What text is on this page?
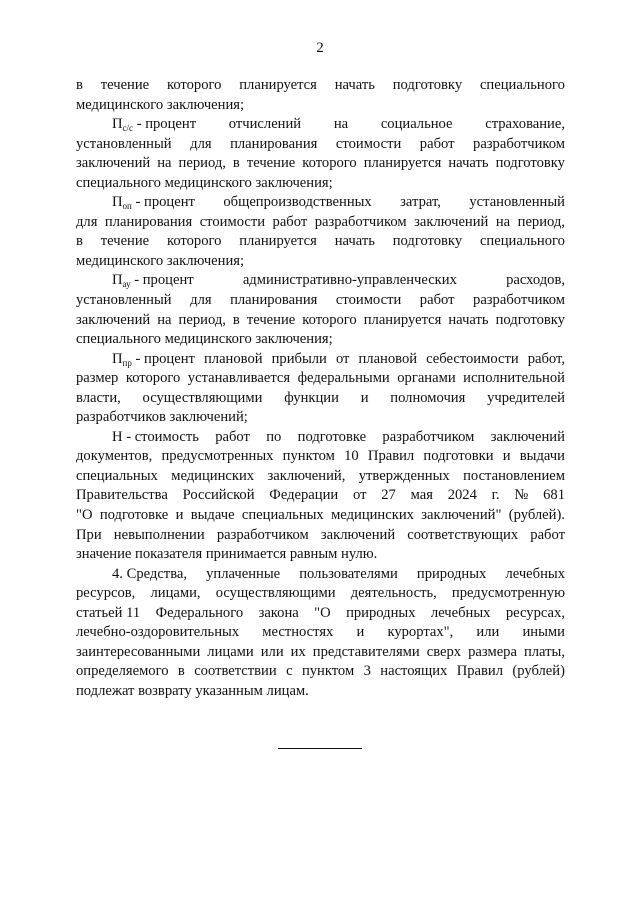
2
в течение которого планируется начать подготовку специального
медицинского заключения;
$П_{с/с}$ - процент отчислений на социальное страхование,
установленный для планирования стоимости работ разработчиком
заключений на период, в течение которого планируется начать подготовку
специального медицинского заключения;
$П_{оп}$ - процент общепроизводственных затрат, установленный
для планирования стоимости работ разработчиком заключений на период,
в течение которого планируется начать подготовку специального
медицинского заключения;
$П_{ау}$ - процент	административно-управленческих	расходов,
установленный для планирования стоимости работ разработчиком
заключений на период, в течение которого планируется начать подготовку
специального медицинского заключения;
$П_{пр}$ - процент плановой прибыли от плановой себестоимости работ,
размер которого устанавливается федеральными органами исполнительной
власти, осуществляющими функции и полномочия учредителей
разработчиков заключений;
Н - стоимость работ по подготовке разработчиком заключений
документов, предусмотренных пунктом 10 Правил подготовки и выдачи
специальных медицинских заключений, утвержденных постановлением
Правительства Российской Федерации от 27 мая 2024 г. № 681
"О подготовке и выдаче специальных медицинских заключений" (рублей).
При невыполнении разработчиком заключений соответствующих работ
значение показателя принимается равным нулю.
4. Средства, уплаченные пользователями природных лечебных
ресурсов, лицами, осуществляющими деятельность, предусмотренную
статьей 11 Федерального закона "О природных лечебных ресурсах,
лечебно-оздоровительных местностях и курортах", или иными
заинтересованными лицами или их представителями сверх размера платы,
определяемого в соответствии с пунктом 3 настоящих Правил (рублей)
подлежат возврату указанным лицам.
